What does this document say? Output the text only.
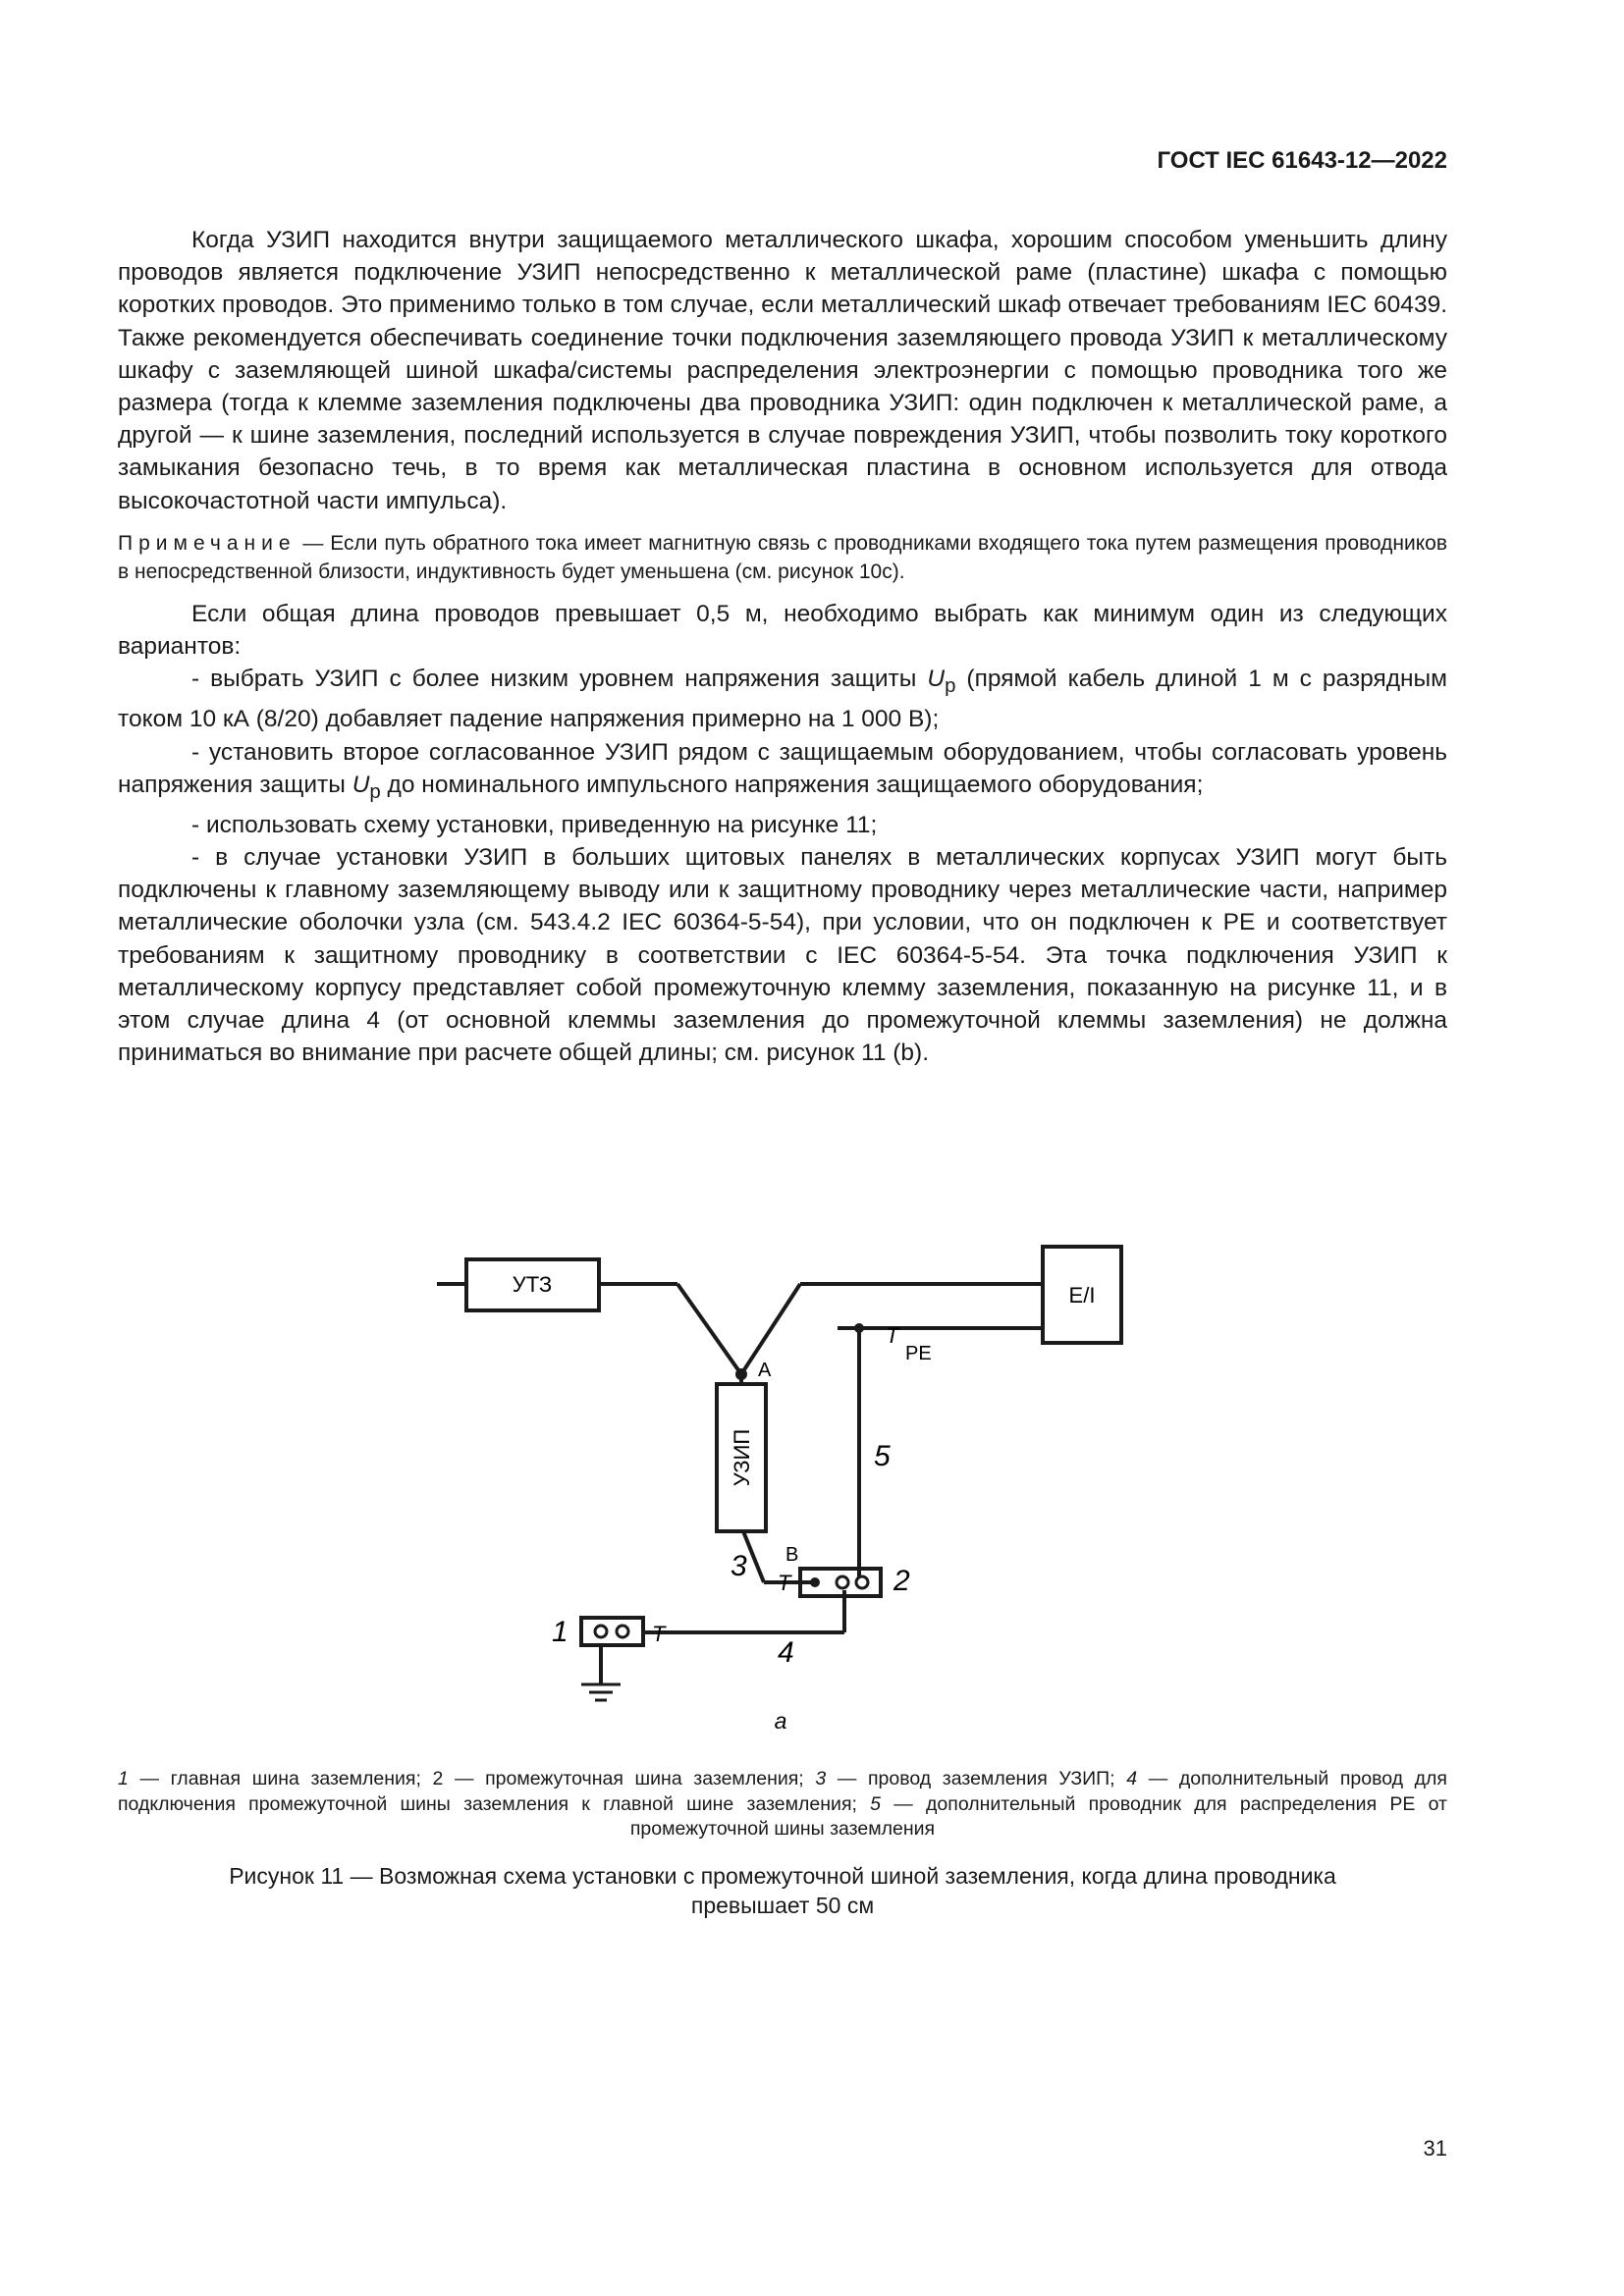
ГОСТ IEC 61643-12—2022

Когда УЗИП находится внутри защищаемого металлического шкафа, хорошим способом уменьшить длину проводов является подключение УЗИП непосредственно к металлической раме (пластине) шкафа с помощью коротких проводов. Это применимо только в том случае, если металлический шкаф отвечает требованиям IEC 60439. Также рекомендуется обеспечивать соединение точки подключения заземляющего провода УЗИП к металлическому шкафу с заземляющей шиной шкафа/системы распределения электроэнергии с помощью проводника того же размера (тогда к клемме заземления подключены два проводника УЗИП: один подключен к металлической раме, а другой — к шине заземления, последний используется в случае повреждения УЗИП, чтобы позволить току короткого замыкания безопасно течь, в то время как металлическая пластина в основном используется для отвода высокочастотной части импульса).

Примечание — Если путь обратного тока имеет магнитную связь с проводниками входящего тока путем размещения проводников в непосредственной близости, индуктивность будет уменьшена (см. рисунок 10c).

Если общая длина проводов превышает 0,5 м, необходимо выбрать как минимум один из следующих вариантов:

- выбрать УЗИП с более низким уровнем напряжения защиты $U_p$ (прямой кабель длиной 1 м с разрядным током 10 кА (8/20) добавляет падение напряжения примерно на 1 000 В);

- установить второе согласованное УЗИП рядом с защищаемым оборудованием, чтобы согласовать уровень напряжения защиты $U_p$ до номинального импульсного напряжения защищаемого оборудования;

- использовать схему установки, приведенную на рисунке 11;

- в случае установки УЗИП в больших щитовых панелях в металлических корпусах УЗИП могут быть подключены к главному заземляющему выводу или к защитному проводнику через металлические части, например металлические оболочки узла (см. 543.4.2 IEC 60364-5-54), при условии, что он подключен к PE и соответствует требованиям к защитному проводнику в соответствии с IEC 60364-5-54. Эта точка подключения УЗИП к металлическому корпусу представляет собой промежуточную клемму заземления, показанную на рисунке 11, и в этом случае длина 4 (от основной клеммы заземления до промежуточной клеммы заземления) не должна приниматься во внимание при расчете общей длины; см. рисунок 11 (b).

УТЗ	E/I
УЗИП
A
B
PE
T
T
T
1
2
3
4
5
а
1 — главная шина заземления; 2 — промежуточная шина заземления; 3 — провод заземления УЗИП; 4 — дополнительный провод для подключения промежуточной шины заземления к главной шине заземления; 5 — дополнительный проводник для распределения PE от промежуточной шины заземления
Рисунок 11 — Возможная схема установки с промежуточной шиной заземления, когда длина проводника превышает 50 см
31
